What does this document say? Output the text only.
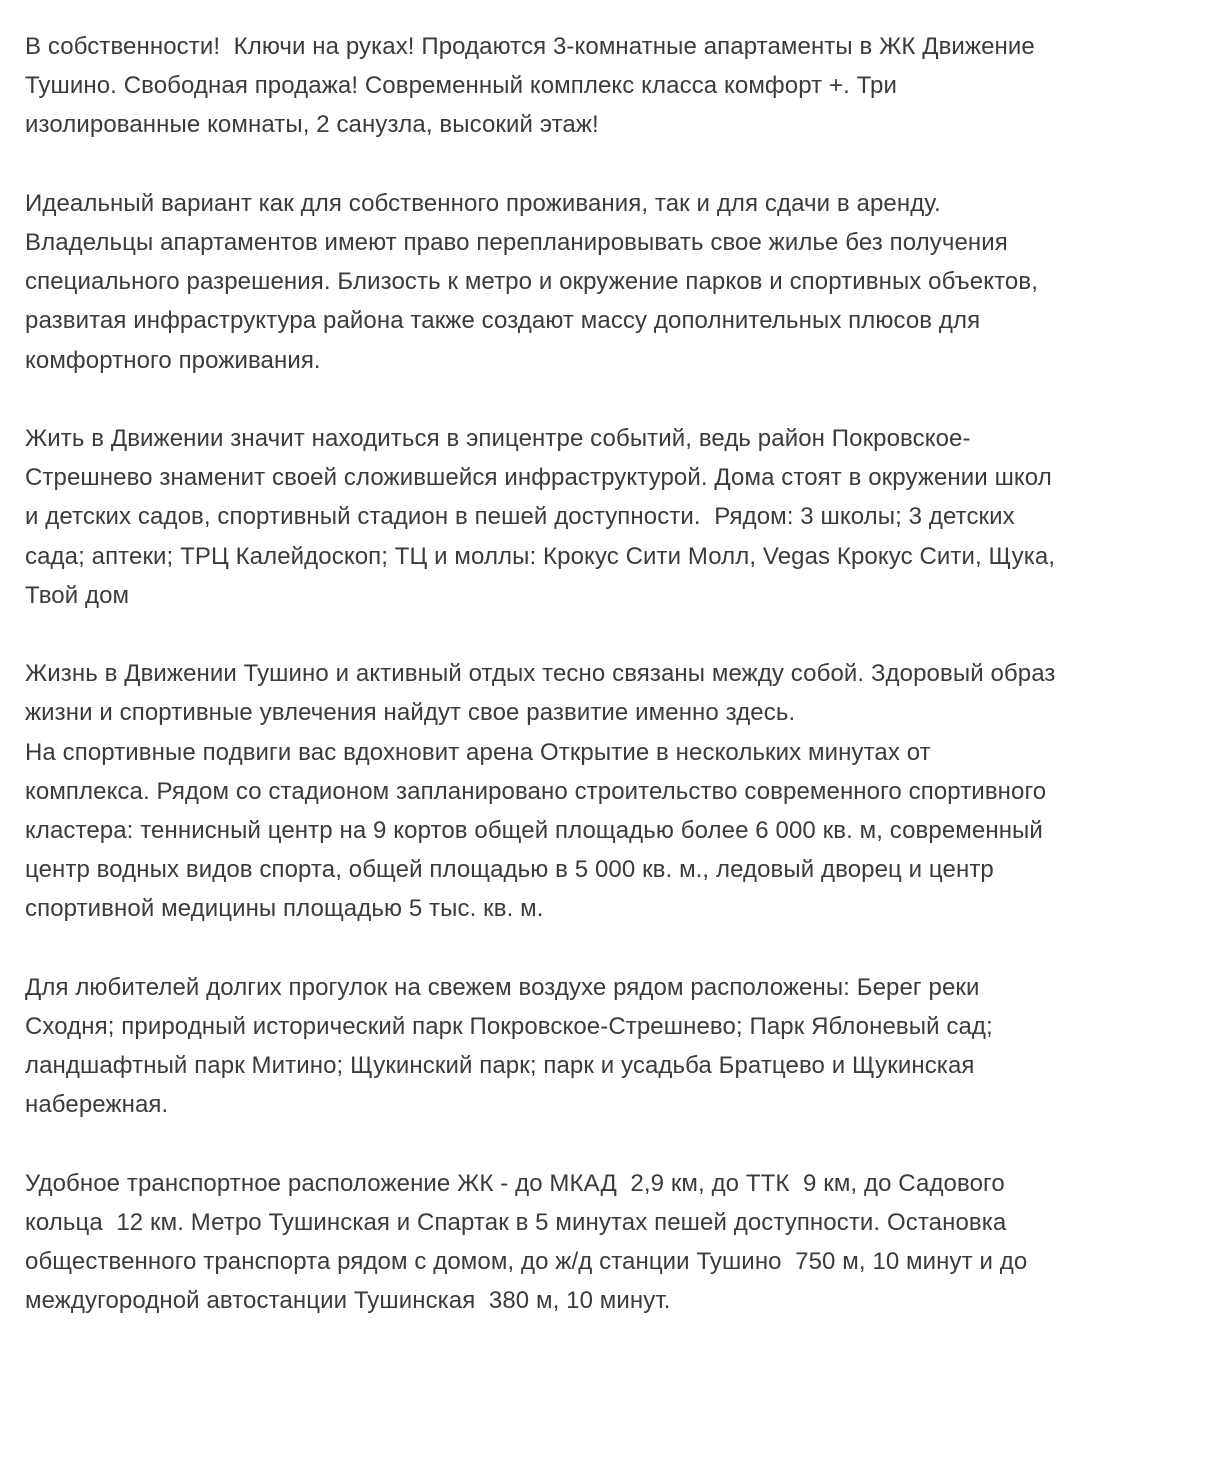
В собственности!  Ключи на руках! Продаются 3-комнатные апартаменты в ЖК Движение
Тушино. Свободная продажа! Современный комплекс класса комфорт +. Три
изолированные комнаты, 2 санузла, высокий этаж!

Идеальный вариант как для собственного проживания, так и для сдачи в аренду.
Владельцы апартаментов имеют право перепланировывать свое жилье без получения
специального разрешения. Близость к метро и окружение парков и спортивных объектов,
развитая инфраструктура района также создают массу дополнительных плюсов для
комфортного проживания.

Жить в Движении значит находиться в эпицентре событий, ведь район Покровское-
Стрешнево знаменит своей сложившейся инфраструктурой. Дома стоят в окружении школ
и детских садов, спортивный стадион в пешей доступности.  Рядом: 3 школы; 3 детских
сада; аптеки; ТРЦ Калейдоскоп; ТЦ и моллы: Крокус Сити Молл, Vegas Крокус Сити, Щука,
Твой дом

Жизнь в Движении Тушино и активный отдых тесно связаны между собой. Здоровый образ
жизни и спортивные увлечения найдут свое развитие именно здесь.
На спортивные подвиги вас вдохновит арена Открытие в нескольких минутах от
комплекса. Рядом со стадионом запланировано строительство современного спортивного
кластера: теннисный центр на 9 кортов общей площадью более 6 000 кв. м, современный
центр водных видов спорта, общей площадью в 5 000 кв. м., ледовый дворец и центр
спортивной медицины площадью 5 тыс. кв. м.

Для любителей долгих прогулок на свежем воздухе рядом расположены: Берег реки
Сходня; природный исторический парк Покровское-Стрешнево; Парк Яблоневый сад;
ландшафтный парк Митино; Щукинский парк; парк и усадьба Братцево и Щукинская
набережная.

Удобное транспортное расположение ЖК - до МКАД  2,9 км, до ТТК  9 км, до Садового
кольца  12 км. Метро Тушинская и Спартак в 5 минутах пешей доступности. Остановка
общественного транспорта рядом с домом, до ж/д станции Тушино  750 м, 10 минут и до
междугородной автостанции Тушинская  380 м, 10 минут.
